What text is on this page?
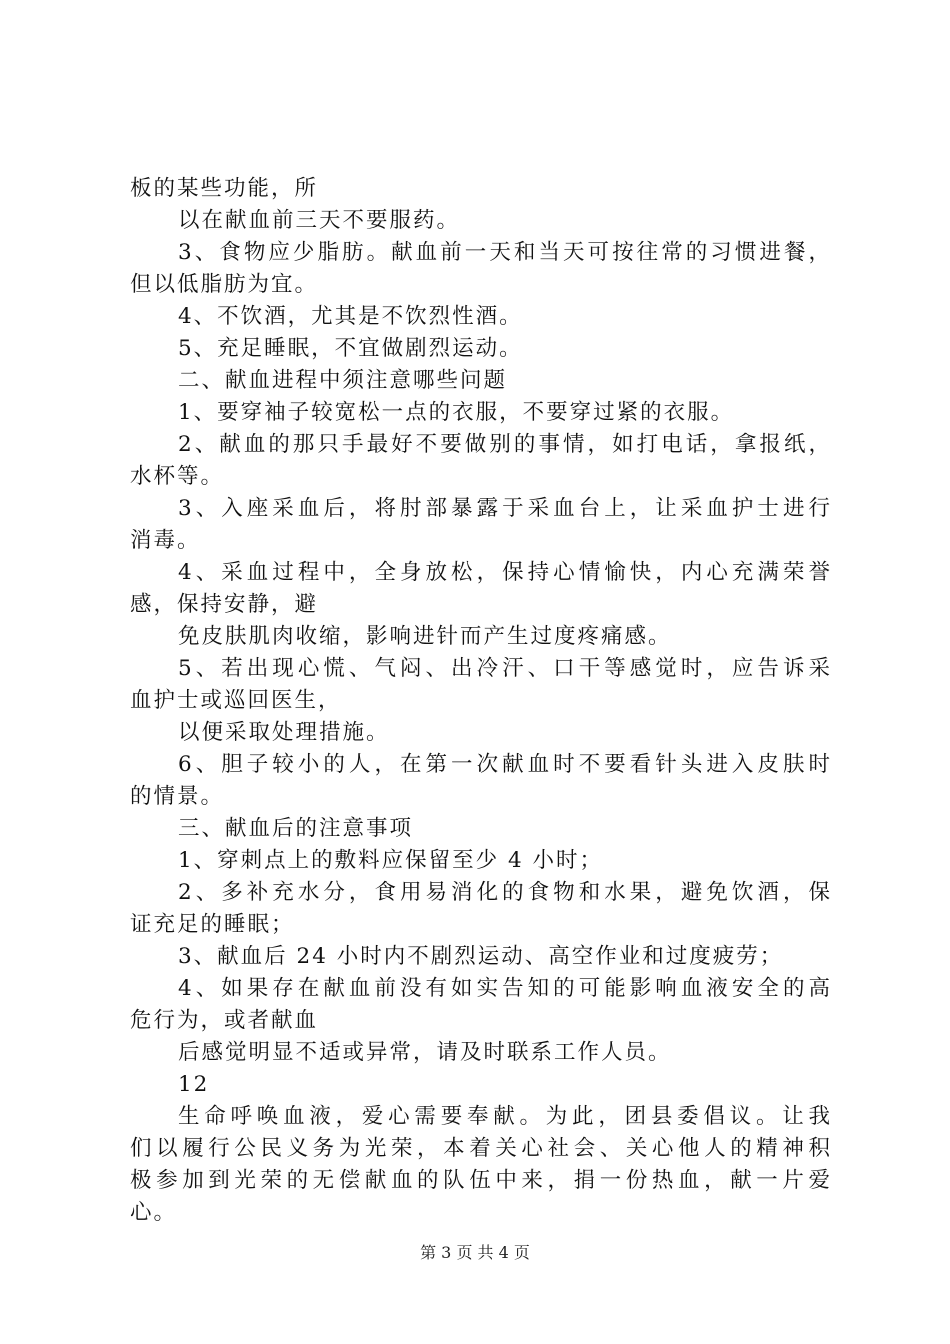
板的某些功能，所
以在献血前三天不要服药。
3、食物应少脂肪。献血前一天和当天可按往常的习惯进餐，
但以低脂肪为宜。
4、不饮酒，尤其是不饮烈性酒。
5、充足睡眠，不宜做剧烈运动。
二、献血进程中须注意哪些问题
1、要穿袖子较宽松一点的衣服，不要穿过紧的衣服。
2、献血的那只手最好不要做别的事情，如打电话，拿报纸，
水杯等。
3、入座采血后，将肘部暴露于采血台上，让采血护士进行
消毒。
4、采血过程中，全身放松，保持心情愉快，内心充满荣誉
感，保持安静，避
免皮肤肌肉收缩，影响进针而产生过度疼痛感。
5、若出现心慌、气闷、出冷汗、口干等感觉时，应告诉采
血护士或巡回医生，
以便采取处理措施。
6、胆子较小的人，在第一次献血时不要看针头进入皮肤时
的情景。
三、献血后的注意事项
1、穿刺点上的敷料应保留至少 4 小时；
2、多补充水分，食用易消化的食物和水果，避免饮酒，保
证充足的睡眠；
3、献血后 24 小时内不剧烈运动、高空作业和过度疲劳；
4、如果存在献血前没有如实告知的可能影响血液安全的高
危行为，或者献血
后感觉明显不适或异常，请及时联系工作人员。
12
生命呼唤血液，爱心需要奉献。为此，团县委倡议。让我
们以履行公民义务为光荣，本着关心社会、关心他人的精神积
极参加到光荣的无偿献血的队伍中来，捐一份热血，献一片爱
心。
第 3 页 共 4 页
